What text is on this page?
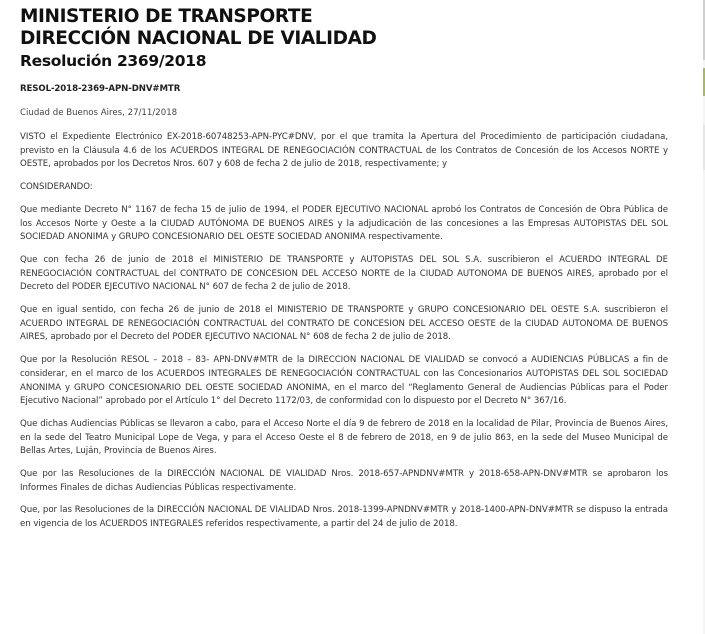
MINISTERIO DE TRANSPORTE
DIRECCIÓN NACIONAL DE VIALIDAD
Resolución 2369/2018
RESOL-2018-2369-APN-DNV#MTR
Ciudad de Buenos Aires, 27/11/2018

VISTO el Expediente Electrónico EX-2018-60748253-APN-PYC#DNV, por el que tramita la Apertura del Procedimiento de participación ciudadana, previsto en la Cláusula 4.6 de los ACUERDOS INTEGRAL DE RENEGOCIACIÓN CONTRACTUAL de los Contratos de Concesión de los Accesos NORTE y OESTE, aprobados por los Decretos Nros. 607 y 608 de fecha 2 de julio de 2018, respectivamente; y

CONSIDERANDO:

Que mediante Decreto N° 1167 de fecha 15 de julio de 1994, el PODER EJECUTIVO NACIONAL aprobó los Contratos de Concesión de Obra Pública de los Accesos Norte y Oeste a la CIUDAD AUTÓNOMA DE BUENOS AIRES y la adjudicación de las concesiones a las Empresas AUTOPISTAS DEL SOL SOCIEDAD ANONIMA y GRUPO CONCESIONARIO DEL OESTE SOCIEDAD ANONIMA respectivamente.

Que con fecha 26 de junio de 2018 el MINISTERIO DE TRANSPORTE y AUTOPISTAS DEL SOL S.A. suscribieron el ACUERDO INTEGRAL DE RENEGOCIACIÓN CONTRACTUAL del CONTRATO DE CONCESION DEL ACCESO NORTE de la CIUDAD AUTONOMA DE BUENOS AIRES, aprobado por el Decreto del PODER EJECUTIVO NACIONAL N° 607 de fecha 2 de julio de 2018.

Que en igual sentido, con fecha 26 de junio de 2018 el MINISTERIO DE TRANSPORTE y GRUPO CONCESIONARIO DEL OESTE S.A. suscribieron el ACUERDO INTEGRAL DE RENEGOCIACIÓN CONTRACTUAL del CONTRATO DE CONCESION DEL ACCESO OESTE de la CIUDAD AUTONOMA DE BUENOS AIRES, aprobado por el Decreto del PODER EJECUTIVO NACIONAL N° 608 de fecha 2 de julio de 2018.

Que por la Resolución RESOL – 2018 – 83- APN-DNV#MTR de la DIRECCION NACIONAL DE VIALIDAD se convocó a AUDIENCIAS PÚBLICAS a fin de considerar, en el marco de los ACUERDOS INTEGRALES DE RENEGOCIACIÓN CONTRACTUAL con las Concesionarios AUTOPISTAS DEL SOL SOCIEDAD ANONIMA y GRUPO CONCESIONARIO DEL OESTE SOCIEDAD ANONIMA, en el marco del “Reglamento General de Audiencias Públicas para el Poder Ejecutivo Nacional” aprobado por el Artículo 1° del Decreto 1172/03, de conformidad con lo dispuesto por el Decreto N° 367/16.

Que dichas Audiencias Públicas se llevaron a cabo, para el Acceso Norte el día 9 de febrero de 2018 en la localidad de Pilar, Provincia de Buenos Aires, en la sede del Teatro Municipal Lope de Vega, y para el Acceso Oeste el 8 de febrero de 2018, en 9 de julio 863, en la sede del Museo Municipal de Bellas Artes, Luján, Provincia de Buenos Aires.

Que por las Resoluciones de la DIRECCIÓN NACIONAL DE VIALIDAD Nros. 2018-657-APNDNV#MTR y 2018-658-APN-DNV#MTR se aprobaron los Informes Finales de dichas Audiencias Públicas respectivamente.

Que, por las Resoluciones de la DIRECCIÓN NACIONAL DE VIALIDAD Nros. 2018-1399-APNDNV#MTR y 2018-1400-APN-DNV#MTR se dispuso la entrada en vigencia de los ACUERDOS INTEGRALES referidos respectivamente, a partir del 24 de julio de 2018.
